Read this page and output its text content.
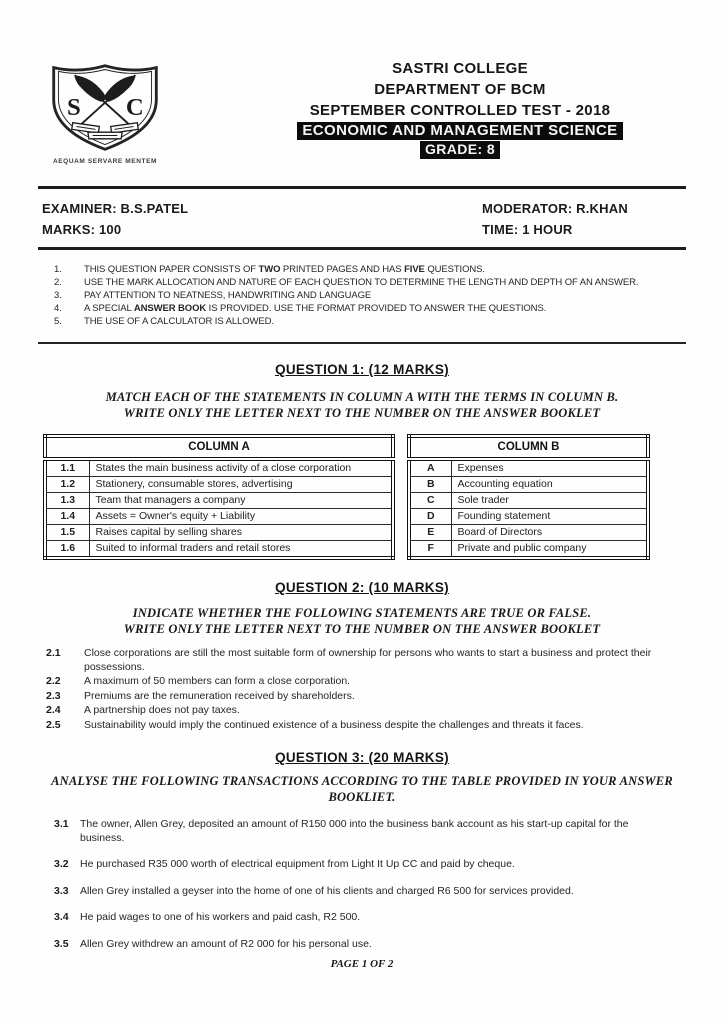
S C
AEQUAM SERVARE MENTEM
SASTRI COLLEGE
DEPARTMENT OF BCM
SEPTEMBER CONTROLLED TEST - 2018
ECONOMIC AND MANAGEMENT SCIENCE
GRADE: 8
EXAMINER: B.S.PATEL	MODERATOR: R.KHAN
MARKS: 100	TIME: 1 HOUR
1.	THIS QUESTION PAPER CONSISTS OF TWO PRINTED PAGES AND HAS FIVE QUESTIONS.
2.	USE THE MARK ALLOCATION AND NATURE OF EACH QUESTION TO DETERMINE THE LENGTH AND DEPTH OF AN ANSWER.
3.	PAY ATTENTION TO NEATNESS, HANDWRITING AND LANGUAGE
4.	A SPECIAL ANSWER BOOK IS PROVIDED. USE THE FORMAT PROVIDED TO ANSWER THE QUESTIONS.
5.	THE USE OF A CALCULATOR IS ALLOWED.
QUESTION 1: (12 MARKS)
MATCH EACH OF THE STATEMENTS IN COLUMN A WITH THE TERMS IN COLUMN B.
WRITE ONLY THE LETTER NEXT TO THE NUMBER ON THE ANSWER BOOKLET
COLUMN A	
1.1	States the main business activity of a close corporation
1.2	Stationery, consumable stores, advertising
1.3	Team that managers a company
1.4	Assets = Owner's equity + Liability
1.5	Raises capital by selling shares
1.6	Suited to informal traders and retail stores
COLUMN B	
A	Expenses
B	Accounting equation
C	Sole trader
D	Founding statement
E	Board of Directors
F	Private and public company
QUESTION 2: (10 MARKS)
INDICATE WHETHER THE FOLLOWING STATEMENTS ARE TRUE OR FALSE.
WRITE ONLY THE LETTER NEXT TO THE NUMBER ON THE ANSWER BOOKLET
2.1	Close corporations are still the most suitable form of ownership for persons who wants to start a business and protect their possessions.
2.2	A maximum of 50 members can form a close corporation.
2.3	Premiums are the remuneration received by shareholders.
2.4	A partnership does not pay taxes.
2.5	Sustainability would imply the continued existence of a business despite the challenges and threats it faces.
QUESTION 3: (20 MARKS)
ANALYSE THE FOLLOWING TRANSACTIONS ACCORDING TO THE TABLE PROVIDED IN YOUR ANSWER
BOOKLIET.
3.1	The owner, Allen Grey, deposited an amount of R150 000 into the business bank account as his start-up capital for the business.
3.2	He purchased R35 000 worth of electrical equipment from Light It Up CC and paid by cheque.
3.3	Allen Grey installed a geyser into the home of one of his clients and charged R6 500 for services provided.
3.4	He paid wages to one of his workers and paid cash, R2 500.
3.5	Allen Grey withdrew an amount of R2 000 for his personal use.
PAGE 1 OF 2
